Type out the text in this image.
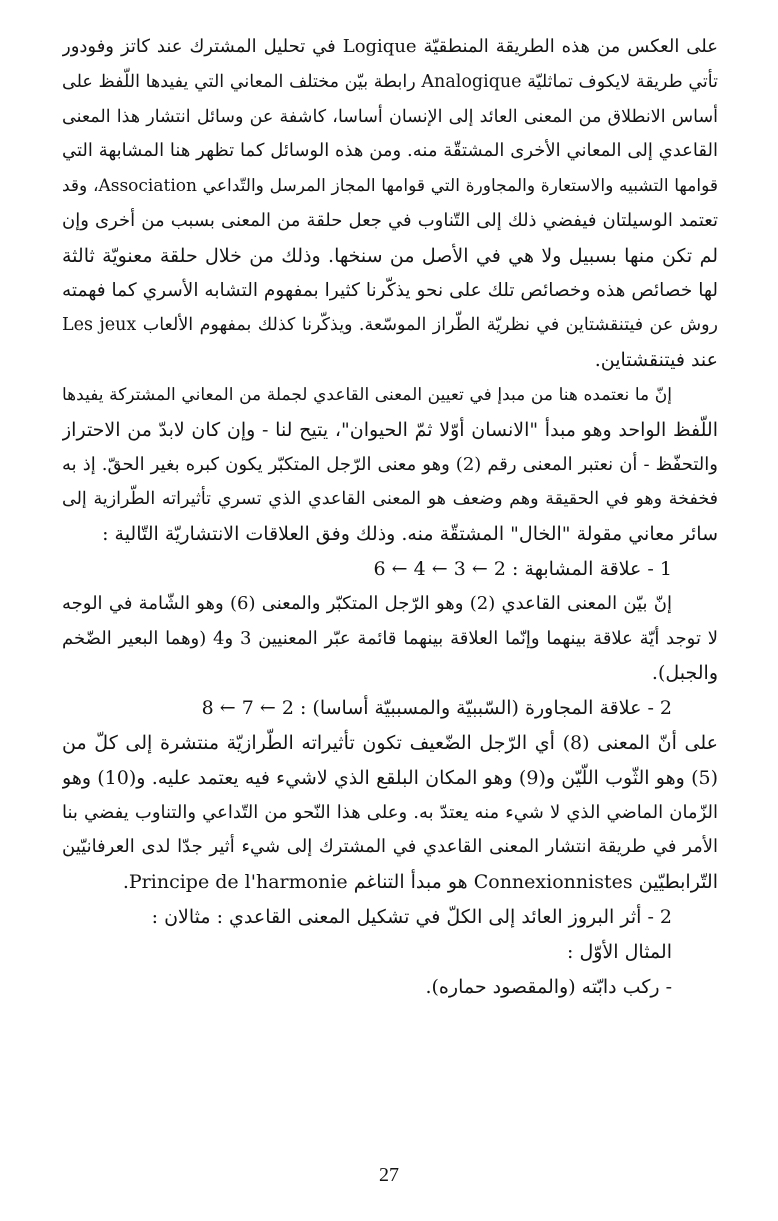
على العكس من هذه الطريقة المنطقيّة Logique في تحليل المشترك عند كاتز وفودور
تأتي طريقة لايكوف تماثليّة Analogique رابطة بيّن مختلف المعاني التي يفيدها اللّفظ على
أساس الانطلاق من المعنى العائد إلى الإنسان أساسا، كاشفة عن وسائل انتشار هذا المعنى
القاعدي إلى المعاني الأخرى المشتقّة منه. ومن هذه الوسائل كما تظهر هنا المشابهة التي
قوامها التشبيه والاستعارة والمجاورة التي قوامها المجاز المرسل والتّداعي Association، وقد
تعتمد الوسيلتان فيفضي ذلك إلى التّناوب في جعل حلقة من المعنى بسبب من أخرى وإن
لم تكن منها بسبيل ولا هي في الأصل من سنخها. وذلك من خلال حلقة معنويّة ثالثة
لها خصائص هذه وخصائص تلك على نحو يذكّرنا كثيرا بمفهوم التشابه الأسري كما فهمته
روش عن فيتنقشتاين في نظريّة الطّراز الموسّعة. ويذكّرنا كذلك بمفهوم الألعاب Les jeux
عند فيتنقشتاين.
إنّ ما نعتمده هنا من مبدإ في تعيين المعنى القاعدي لجملة من المعاني المشتركة يفيدها
اللّفظ الواحد وهو مبدأ "الانسان أوّلا ثمّ الحيوان"، يتيح لنا - وإن كان لابدّ من الاحتراز
والتحفّظ - أن نعتبر المعنى رقم (2) وهو معنى الرّجل المتكبّر يكون كبره بغير الحقّ. إذ به
فخفخة وهو في الحقيقة وهم وضعف هو المعنى القاعدي الذي تسري تأثيراته الطّرازية إلى
سائر معاني مقولة "الخال" المشتقّة منه. وذلك وفق العلاقات الانتشاريّة التّالية :
1 - علاقة المشابهة : 2 ← 3 ← 4 ← 6
إنّ بيّن المعنى القاعدي (2) وهو الرّجل المتكبّر والمعنى (6) وهو الشّامة في الوجه
لا توجد أيّة علاقة بينهما وإنّما العلاقة بينهما قائمة عبّر المعنيين 3 و4 (وهما البعير الضّخم
والجبل).
2 - علاقة المجاورة (السّببيّة والمسببيّة أساسا) : 2 ← 7 ← 8
على أنّ المعنى (8) أي الرّجل الضّعيف تكون تأثيراته الطّرازيّة منتشرة إلى كلّ من
(5) وهو الثّوب اللّيّن و(9) وهو المكان البلقع الذي لاشيء فيه يعتمد عليه. و(10) وهو
الزّمان الماضي الذي لا شيء منه يعتدّ به. وعلى هذا النّحو من التّداعي والتناوب يفضي بنا
الأمر في طريقة انتشار المعنى القاعدي في المشترك إلى شيء أثير جدّا لدى العرفانيّين
التّرابطيّين Connexionnistes هو مبدأ التناغم Principe de l'harmonie.
2 - أثر البروز العائد إلى الكلّ في تشكيل المعنى القاعدي : مثالان :
المثال الأوّل :
- ركب دابّته (والمقصود حماره).
27
